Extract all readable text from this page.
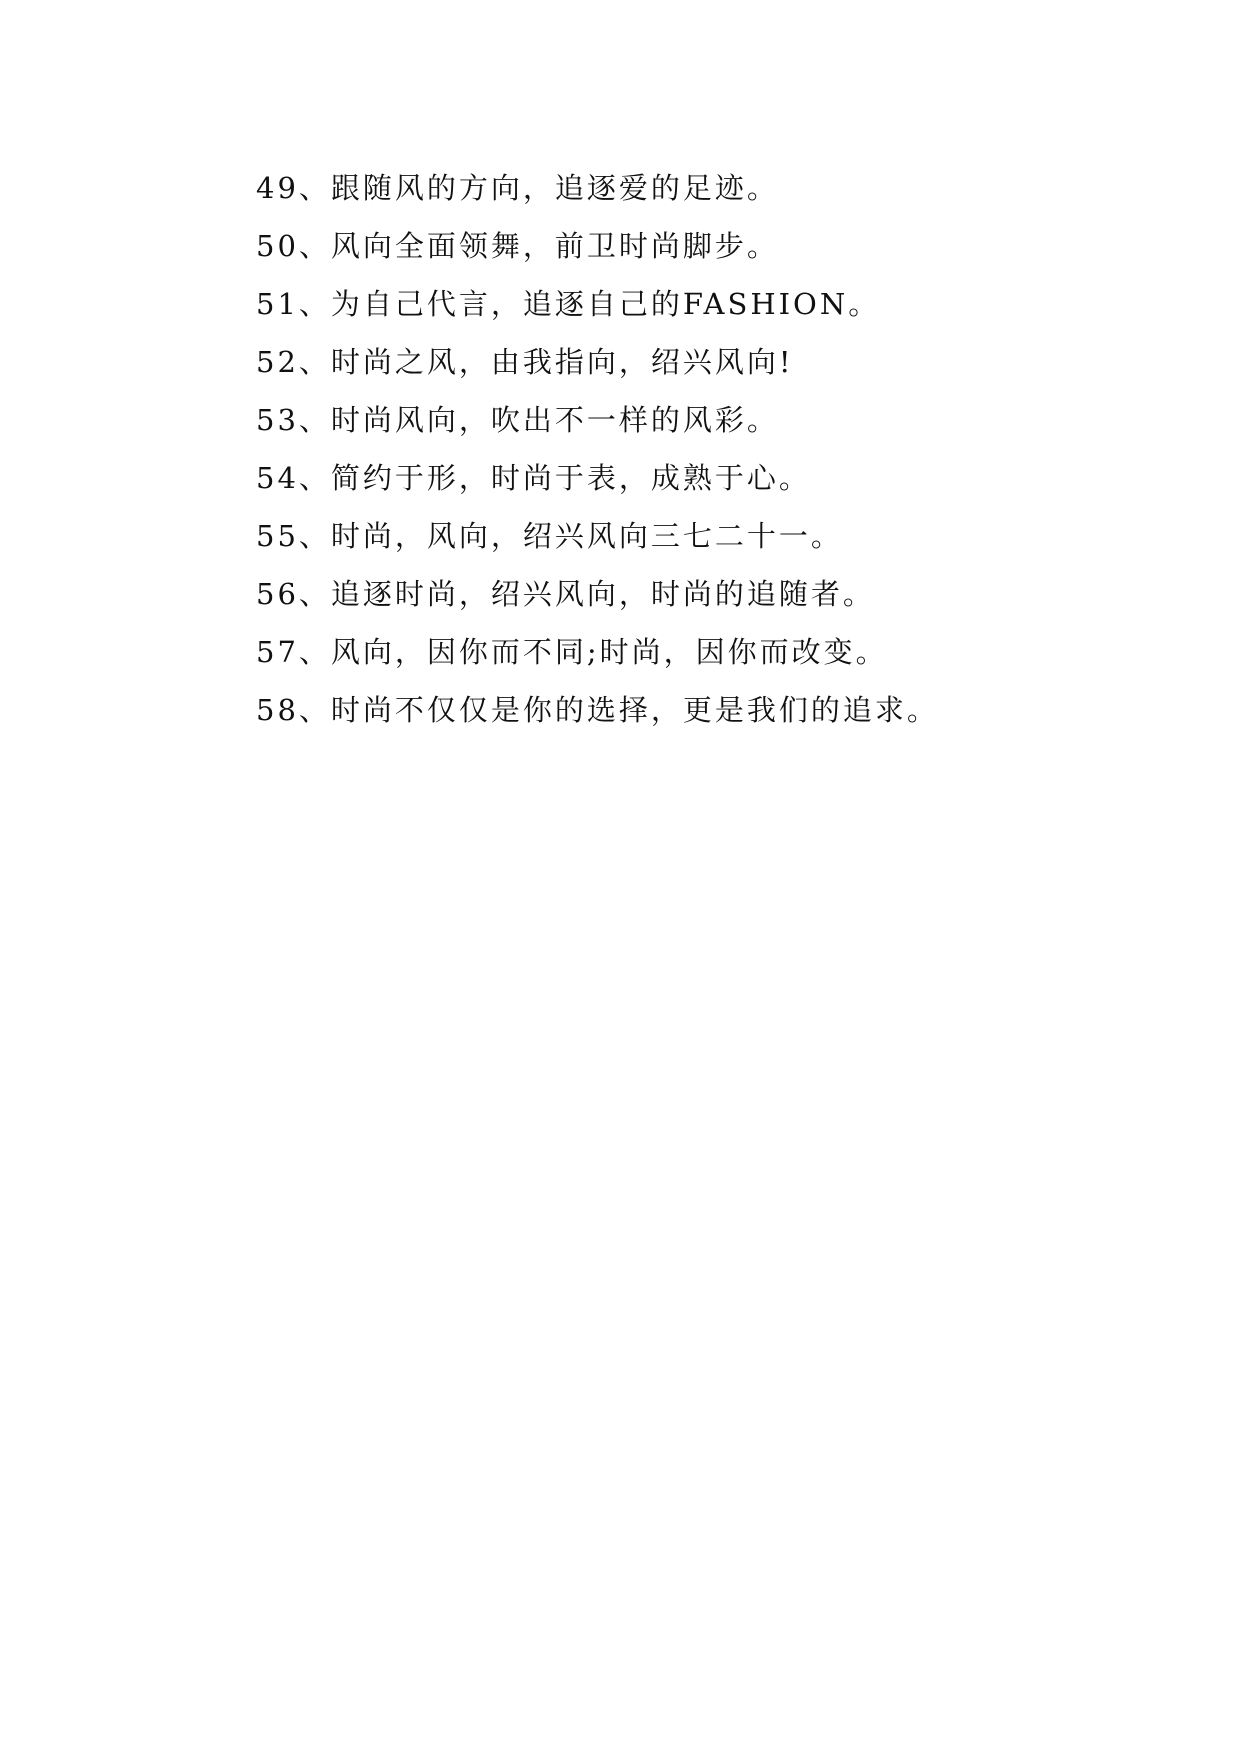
49、跟随风的方向，追逐爱的足迹。
50、风向全面领舞，前卫时尚脚步。
51、为自己代言，追逐自己的FASHION。
52、时尚之风，由我指向，绍兴风向!
53、时尚风向，吹出不一样的风彩。
54、简约于形，时尚于表，成熟于心。
55、时尚，风向，绍兴风向三七二十一。
56、追逐时尚，绍兴风向，时尚的追随者。
57、风向，因你而不同;时尚，因你而改变。
58、时尚不仅仅是你的选择，更是我们的追求。
